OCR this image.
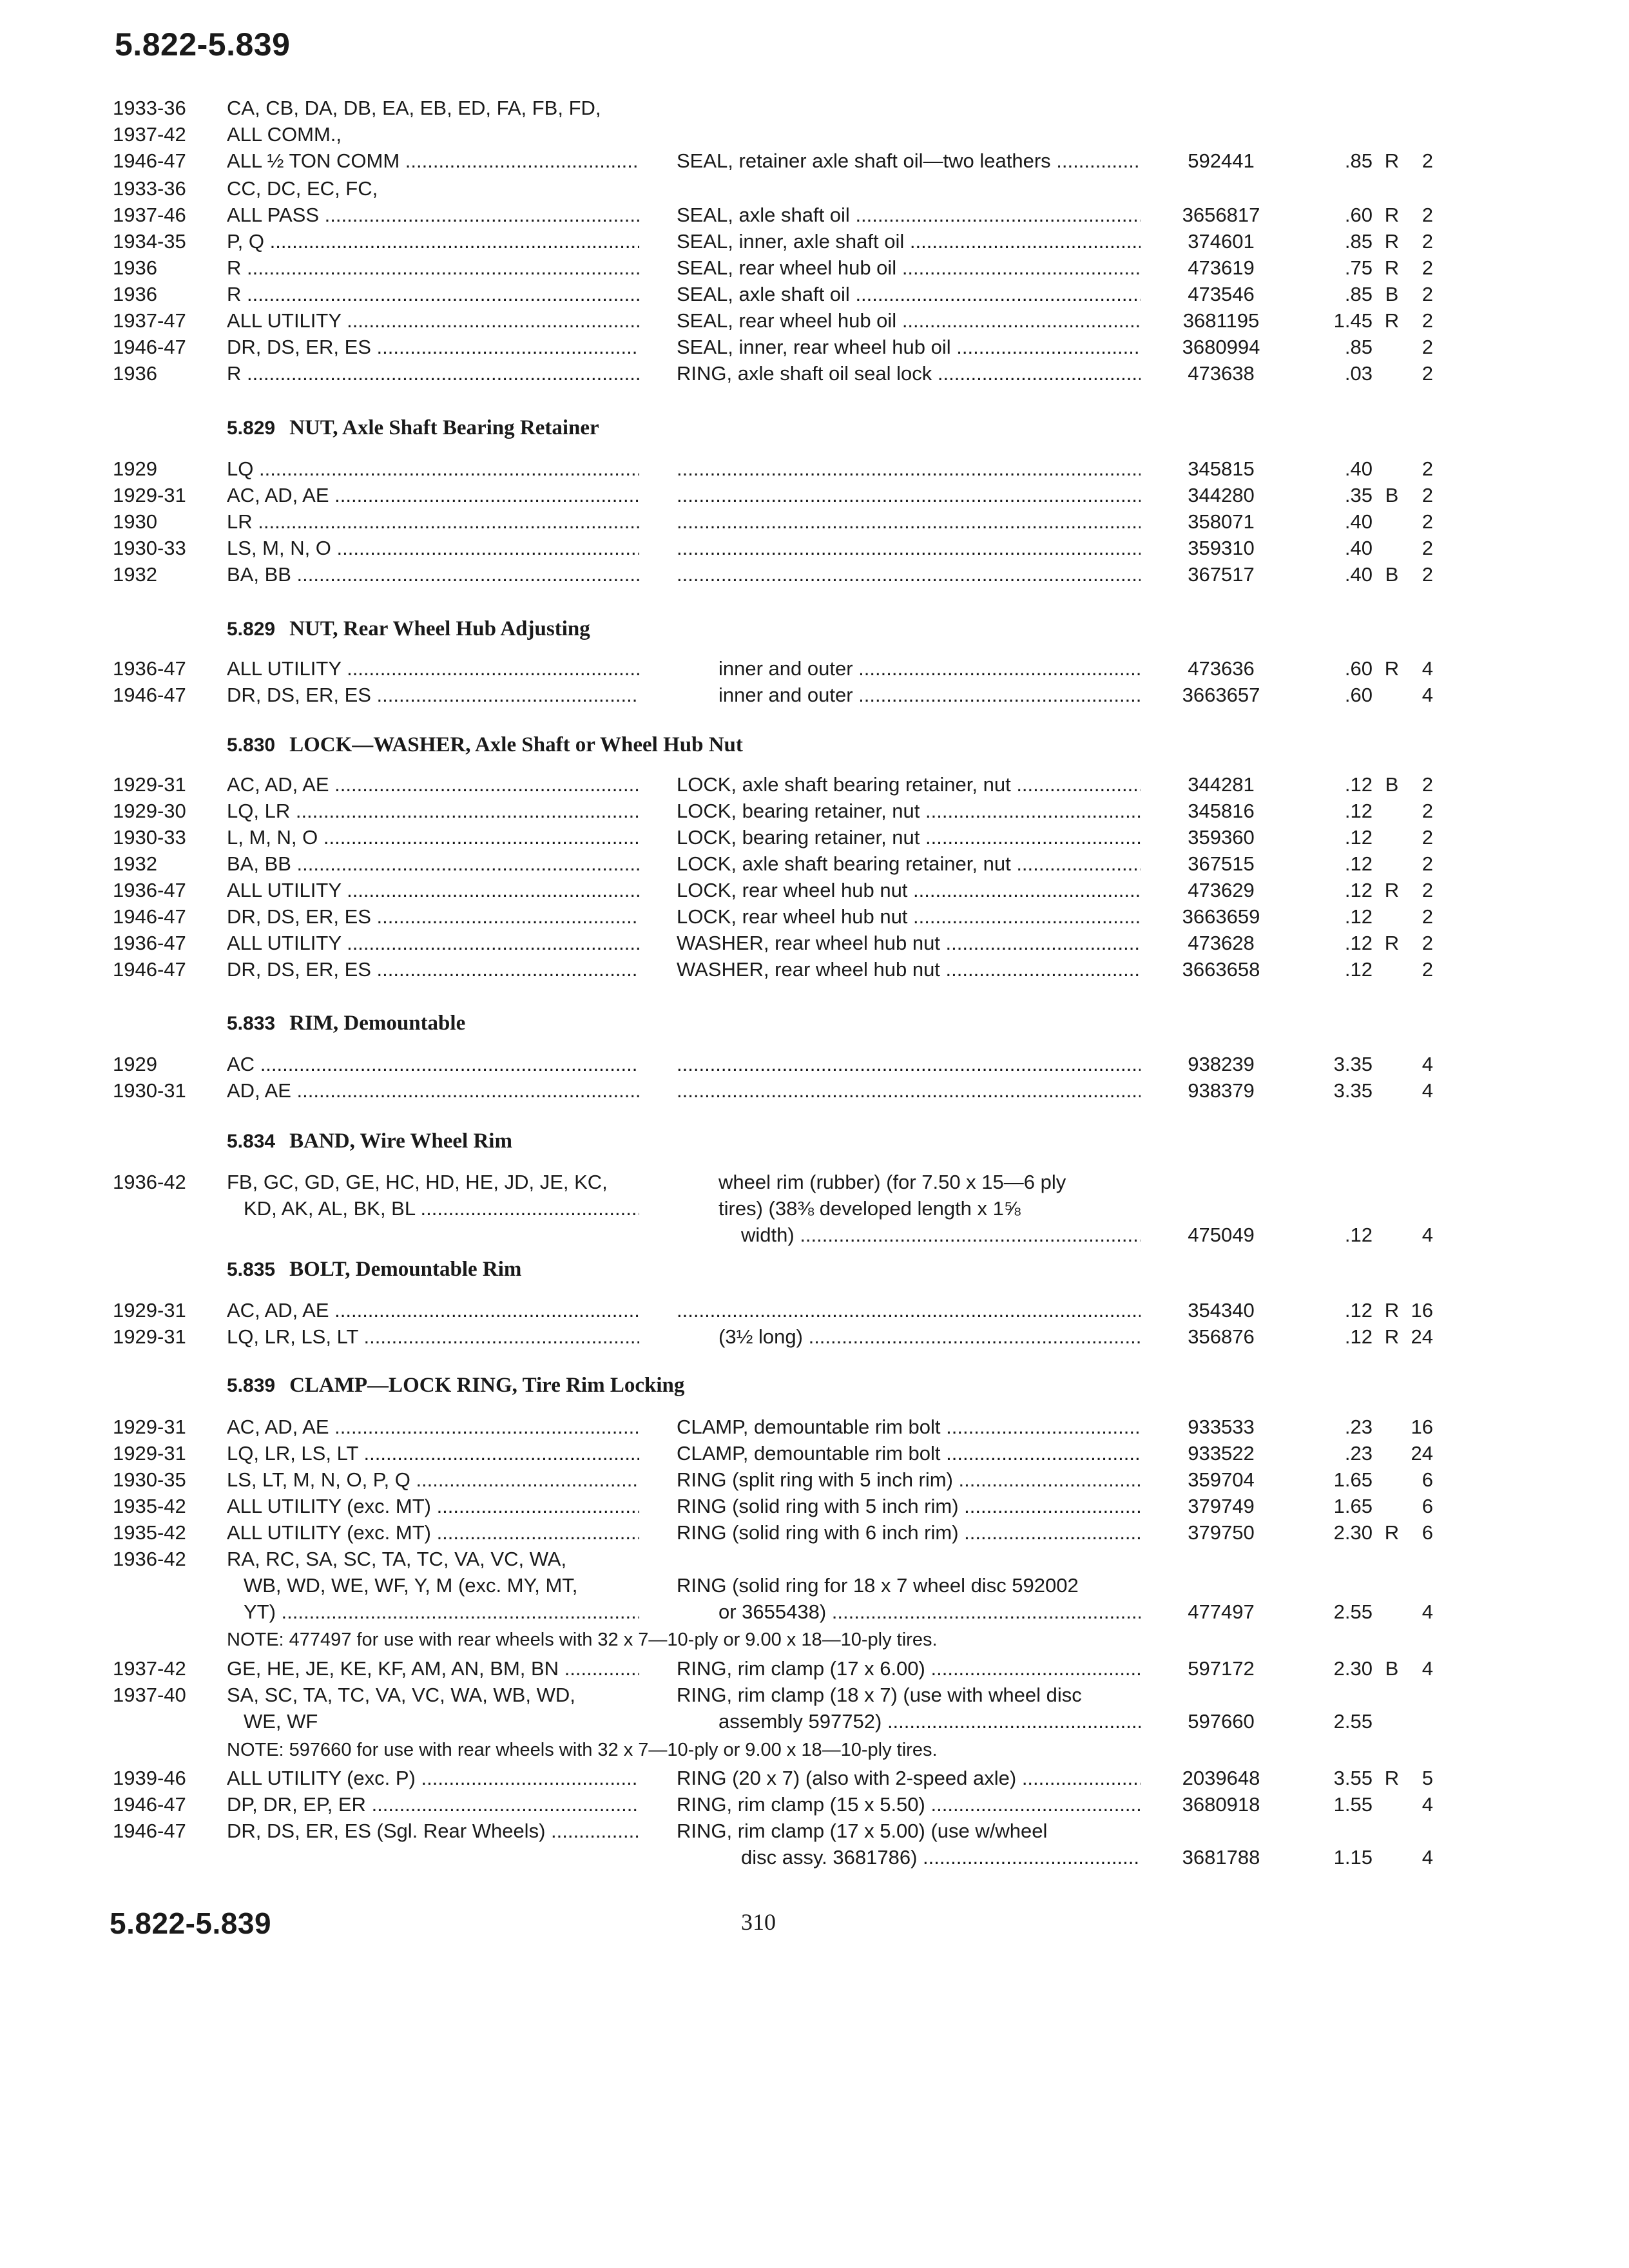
5.822-5.839
5.829 NUT, Axle Shaft Bearing Retainer
5.829 NUT, Rear Wheel Hub Adjusting
5.830 LOCK—WASHER, Axle Shaft or Wheel Hub Nut
5.833 RIM, Demountable
5.834 BAND, Wire Wheel Rim
5.835 BOLT, Demountable Rim
5.839 CLAMP—LOCK RING, Tire Rim Locking
1933-36 CA, CB, DA, DB, EA, EB, ED, FA, FB, FD,
1937-42 ALL COMM.,
1946-47 ALL ½ TON COMM .....	SEAL, retainer axle shaft oil—two leathers .....	592441	.85 R	2
1933-36 CC, DC, EC, FC,
1937-46 ALL PASS .....	SEAL, axle shaft oil .....	3656817	.60 R	2
1934-35 P, Q .....	SEAL, inner, axle shaft oil .....	374601	.85 R	2
1936	R .....	SEAL, rear wheel hub oil .....	473619	.75 R	2
1936	R .....	SEAL, axle shaft oil .....	473546	.85 B	2
1937-47 ALL UTILITY .....	SEAL, rear wheel hub oil .....	3681195	1.45 R	2
1946-47 DR, DS, ER, ES .....	SEAL, inner, rear wheel hub oil .....	3680994	.85	2
1936	R .....	RING, axle shaft oil seal lock .....	473638	.03	2
1929	LQ ..... .....	345815	.40	2
1929-31 AC, AD, AE ..... .....	344280	.35 B	2
1930	LR ..... .....	358071	.40	2
1930-33 LS, M, N, O ..... .....	359310	.40	2
1932	BA, BB ..... .....	367517	.40 B	2
1936-47 ALL UTILITY .....	inner and outer .....	473636	.60 R	4
1946-47 DR, DS, ER, ES .....	inner and outer .....	3663657	.60	4
1929-31 AC, AD, AE .....	LOCK, axle shaft bearing retainer, nut .....	344281	.12 B	2
1929-30 LQ, LR .....	LOCK, bearing retainer, nut .....	345816	.12	2
1930-33 L, M, N, O .....	LOCK, bearing retainer, nut .....	359360	.12	2
1932	BA, BB .....	LOCK, axle shaft bearing retainer, nut .....	367515	.12	2
1936-47 ALL UTILITY .....	LOCK, rear wheel hub nut .....	473629	.12 R	2
1946-47 DR, DS, ER, ES .....	LOCK, rear wheel hub nut .....	3663659	.12	2
1936-47 ALL UTILITY .....	WASHER, rear wheel hub nut .....	473628	.12 R	2
1946-47 DR, DS, ER, ES .....	WASHER, rear wheel hub nut .....	3663658	.12	2
1929	AC ..... .....	938239	3.35	4
1930-31 AD, AE ..... .....	938379	3.35	4
1936-42 FB, GC, GD, GE, HC, HD, HE, JD, JE, KC,	wheel rim (rubber) (for 7.50 x 15—6 ply
KD, AK, AL, BK, BL .....	tires) (38⅜ developed length x 1⅝
width) .....	475049	.12	4
1929-31 AC, AD, AE ..... .....	354340	.12 R 16
1929-31 LQ, LR, LS, LT .....	(3½ long) .....	356876	.12 R 24
1929-31 AC, AD, AE .....	CLAMP, demountable rim bolt .....	933533	.23	16
1929-31 LQ, LR, LS, LT .....	CLAMP, demountable rim bolt .....	933522	.23	24
1930-35 LS, LT, M, N, O, P, Q .....	RING (split ring with 5 inch rim) .....	359704	1.65	6
1935-42 ALL UTILITY (exc. MT) .....	RING (solid ring with 5 inch rim) .....	379749	1.65	6
1935-42 ALL UTILITY (exc. MT) .....	RING (solid ring with 6 inch rim) .....	379750	2.30 R	6
1936-42 RA, RC, SA, SC, TA, TC, VA, VC, WA,
WB, WD, WE, WF, Y, M (exc. MY, MT,	RING (solid ring for 18 x 7 wheel disc 592002
YT) .....	or 3655438) .....	477497	2.55	4
1937-42 GE, HE, JE, KE, KF, AM, AN, BM, BN .....	RING, rim clamp (17 x 6.00) .....	597172	2.30 B	4
1937-40 SA, SC, TA, TC, VA, VC, WA, WB, WD,	RING, rim clamp (18 x 7) (use with wheel disc
WE, WF	assembly 597752) .....	597660	2.55
1939-46 ALL UTILITY (exc. P) .....	RING (20 x 7) (also with 2-speed axle) .....	2039648	3.55 R	5
1946-47 DP, DR, EP, ER .....	RING, rim clamp (15 x 5.50) .....	3680918	1.55	4
1946-47 DR, DS, ER, ES (Sgl. Rear Wheels) .....	RING, rim clamp (17 x 5.00) (use w/wheel
disc assy. 3681786) .....	3681788	1.15	4
NOTE: 477497 for use with rear wheels with 32 x 7—10-ply or 9.00 x 18—10-ply tires.
NOTE: 597660 for use with rear wheels with 32 x 7—10-ply or 9.00 x 18—10-ply tires.
5.822-5.839	310
